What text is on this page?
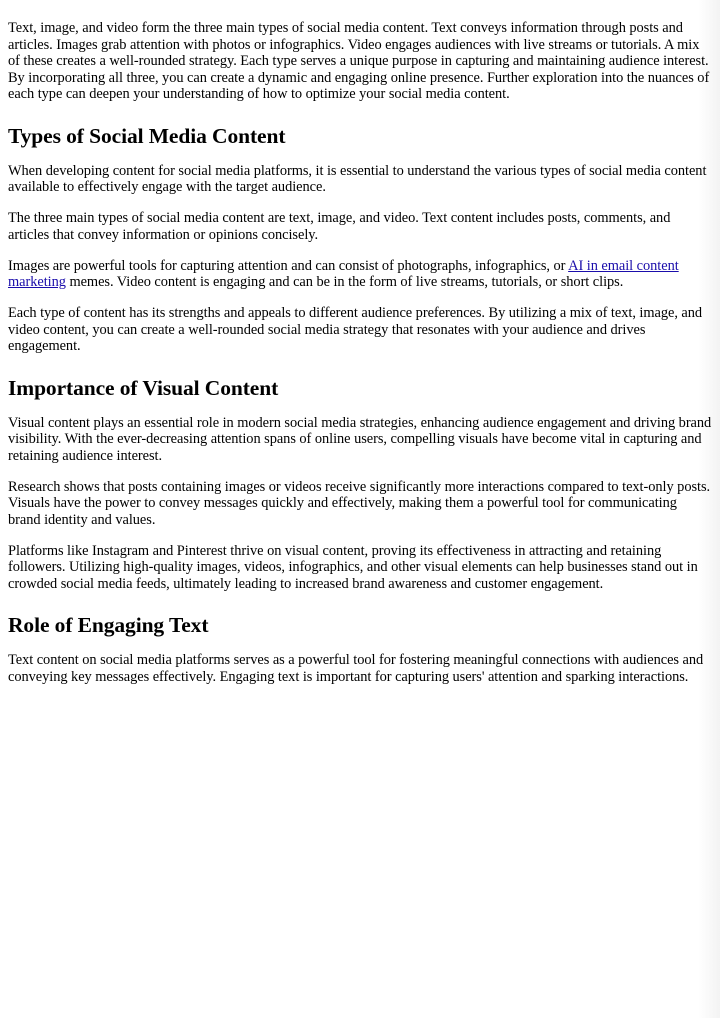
Text, image, and video form the three main types of social media content. Text conveys information through posts and articles. Images grab attention with photos or infographics. Video engages audiences with live streams or tutorials. A mix of these creates a well-rounded strategy. Each type serves a unique purpose in capturing and maintaining audience interest. By incorporating all three, you can create a dynamic and engaging online presence. Further exploration into the nuances of each type can deepen your understanding of how to optimize your social media content.

Types of Social Media Content

When developing content for social media platforms, it is essential to understand the various types of social media content available to effectively engage with the target audience.

The three main types of social media content are text, image, and video. Text content includes posts, comments, and articles that convey information or opinions concisely.

Images are powerful tools for capturing attention and can consist of photographs, infographics, or AI in email content marketing memes. Video content is engaging and can be in the form of live streams, tutorials, or short clips.

Each type of content has its strengths and appeals to different audience preferences. By utilizing a mix of text, image, and video content, you can create a well-rounded social media strategy that resonates with your audience and drives engagement.

Importance of Visual Content

Visual content plays an essential role in modern social media strategies, enhancing audience engagement and driving brand visibility. With the ever-decreasing attention spans of online users, compelling visuals have become vital in capturing and retaining audience interest.

Research shows that posts containing images or videos receive significantly more interactions compared to text-only posts. Visuals have the power to convey messages quickly and effectively, making them a powerful tool for communicating brand identity and values.

Platforms like Instagram and Pinterest thrive on visual content, proving its effectiveness in attracting and retaining followers. Utilizing high-quality images, videos, infographics, and other visual elements can help businesses stand out in crowded social media feeds, ultimately leading to increased brand awareness and customer engagement.

Role of Engaging Text

Text content on social media platforms serves as a powerful tool for fostering meaningful connections with audiences and conveying key messages effectively. Engaging text is important for capturing users' attention and sparking interactions.
